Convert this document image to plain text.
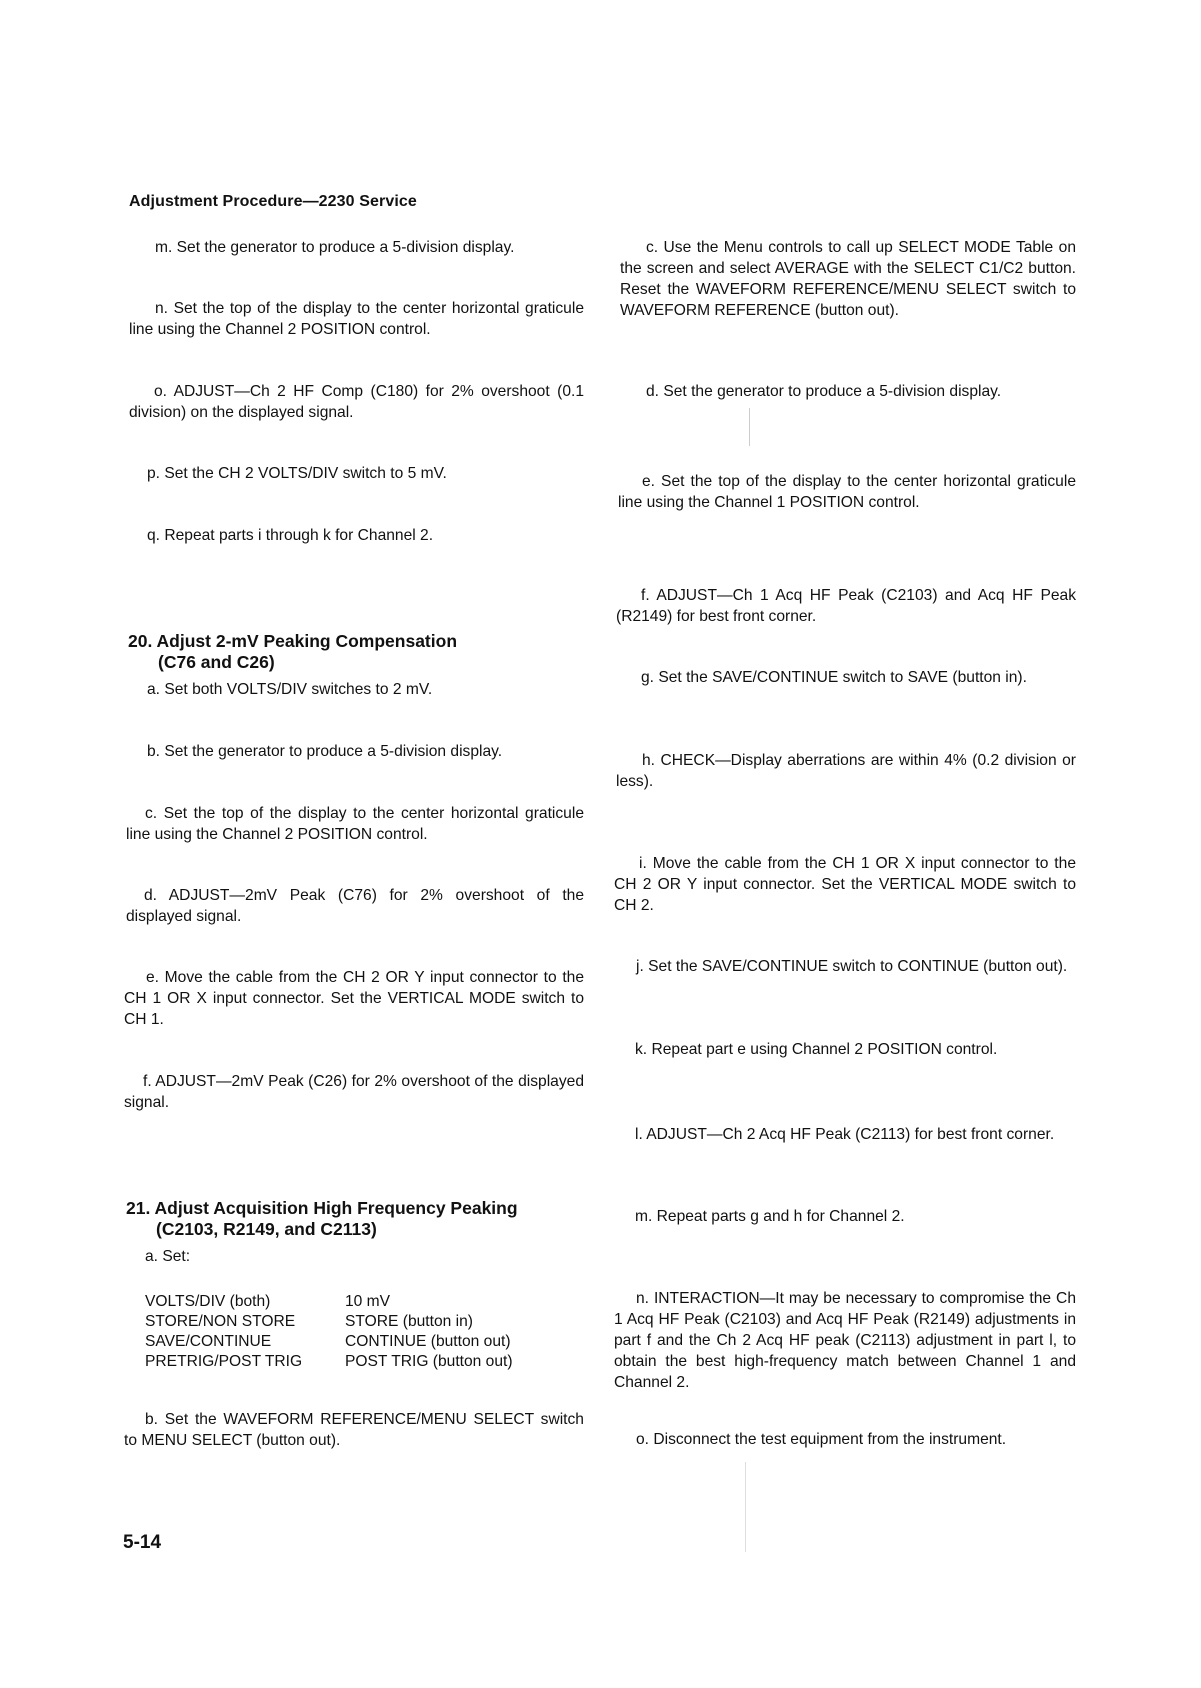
Adjustment Procedure—2230 Service

m. Set the generator to produce a 5-division display.

n. Set the top of the display to the center horizontal graticule line using the Channel 2 POSITION control.

o. ADJUST—Ch 2 HF Comp (C180) for 2% overshoot (0.1 division) on the displayed signal.

p. Set the CH 2 VOLTS/DIV switch to 5 mV.

q. Repeat parts i through k for Channel 2.

20. Adjust 2-mV Peaking Compensation
(C76 and C26)

a. Set both VOLTS/DIV switches to 2 mV.

b. Set the generator to produce a 5-division display.

c. Set the top of the display to the center horizontal graticule line using the Channel 2 POSITION control.

d. ADJUST—2mV Peak (C76) for 2% overshoot of the displayed signal.

e. Move the cable from the CH 2 OR Y input connector to the CH 1 OR X input connector. Set the VERTICAL MODE switch to CH 1.

f. ADJUST—2mV Peak (C26) for 2% overshoot of the displayed signal.

21. Adjust Acquisition High Frequency Peaking
(C2103, R2149, and C2113)

a. Set:

VOLTS/DIV (both)	10 mV
STORE/NON STORE	STORE (button in)
SAVE/CONTINUE	CONTINUE (button out)
PRETRIG/POST TRIG	POST TRIG (button out)

b. Set the WAVEFORM REFERENCE/MENU SELECT switch to MENU SELECT (button out).

c. Use the Menu controls to call up SELECT MODE Table on the screen and select AVERAGE with the SELECT C1/C2 button. Reset the WAVEFORM REFERENCE/MENU SELECT switch to WAVEFORM REFERENCE (button out).

d. Set the generator to produce a 5-division display.

e. Set the top of the display to the center horizontal graticule line using the Channel 1 POSITION control.

f. ADJUST—Ch 1 Acq HF Peak (C2103) and Acq HF Peak (R2149) for best front corner.

g. Set the SAVE/CONTINUE switch to SAVE (button in).

h. CHECK—Display aberrations are within 4% (0.2 division or less).

i. Move the cable from the CH 1 OR X input connector to the CH 2 OR Y input connector. Set the VERTICAL MODE switch to CH 2.

j. Set the SAVE/CONTINUE switch to CONTINUE (button out).

k. Repeat part e using Channel 2 POSITION control.

l. ADJUST—Ch 2 Acq HF Peak (C2113) for best front corner.

m. Repeat parts g and h for Channel 2.

n. INTERACTION—It may be necessary to compromise the Ch 1 Acq HF Peak (C2103) and Acq HF Peak (R2149) adjustments in part f and the Ch 2 Acq HF peak (C2113) adjustment in part l, to obtain the best high-frequency match between Channel 1 and Channel 2.

o. Disconnect the test equipment from the instrument.

5-14
